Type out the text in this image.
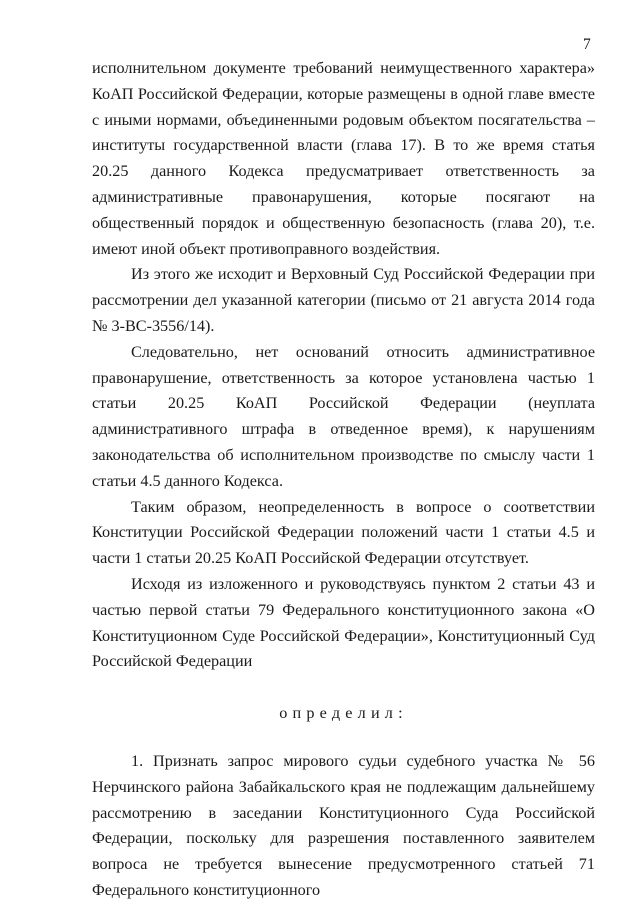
7

исполнительном документе требований неимущественного характера» КоАП Российской Федерации, которые размещены в одной главе вместе с иными нормами, объединенными родовым объектом посягательства – институты государственной власти (глава 17). В то же время статья 20.25 данного Кодекса предусматривает ответственность за административные правонарушения, которые посягают на общественный порядок и общественную безопасность (глава 20), т.е. имеют иной объект противоправного воздействия.

Из этого же исходит и Верховный Суд Российской Федерации при рассмотрении дел указанной категории (письмо от 21 августа 2014 года № 3-ВС-3556/14).

Следовательно, нет оснований относить административное правонарушение, ответственность за которое установлена частью 1 статьи 20.25 КоАП Российской Федерации (неуплата административного штрафа в отведенное время), к нарушениям законодательства об исполнительном производстве по смыслу части 1 статьи 4.5 данного Кодекса.

Таким образом, неопределенность в вопросе о соответствии Конституции Российской Федерации положений части 1 статьи 4.5 и части 1 статьи 20.25 КоАП Российской Федерации отсутствует.

Исходя из изложенного и руководствуясь пунктом 2 статьи 43 и частью первой статьи 79 Федерального конституционного закона «О Конституционном Суде Российской Федерации», Конституционный Суд Российской Федерации

определил:

1. Признать запрос мирового судьи судебного участка № 56 Нерчинского района Забайкальского края не подлежащим дальнейшему рассмотрению в заседании Конституционного Суда Российской Федерации, поскольку для разрешения поставленного заявителем вопроса не требуется вынесение предусмотренного статьей 71 Федерального конституционного
